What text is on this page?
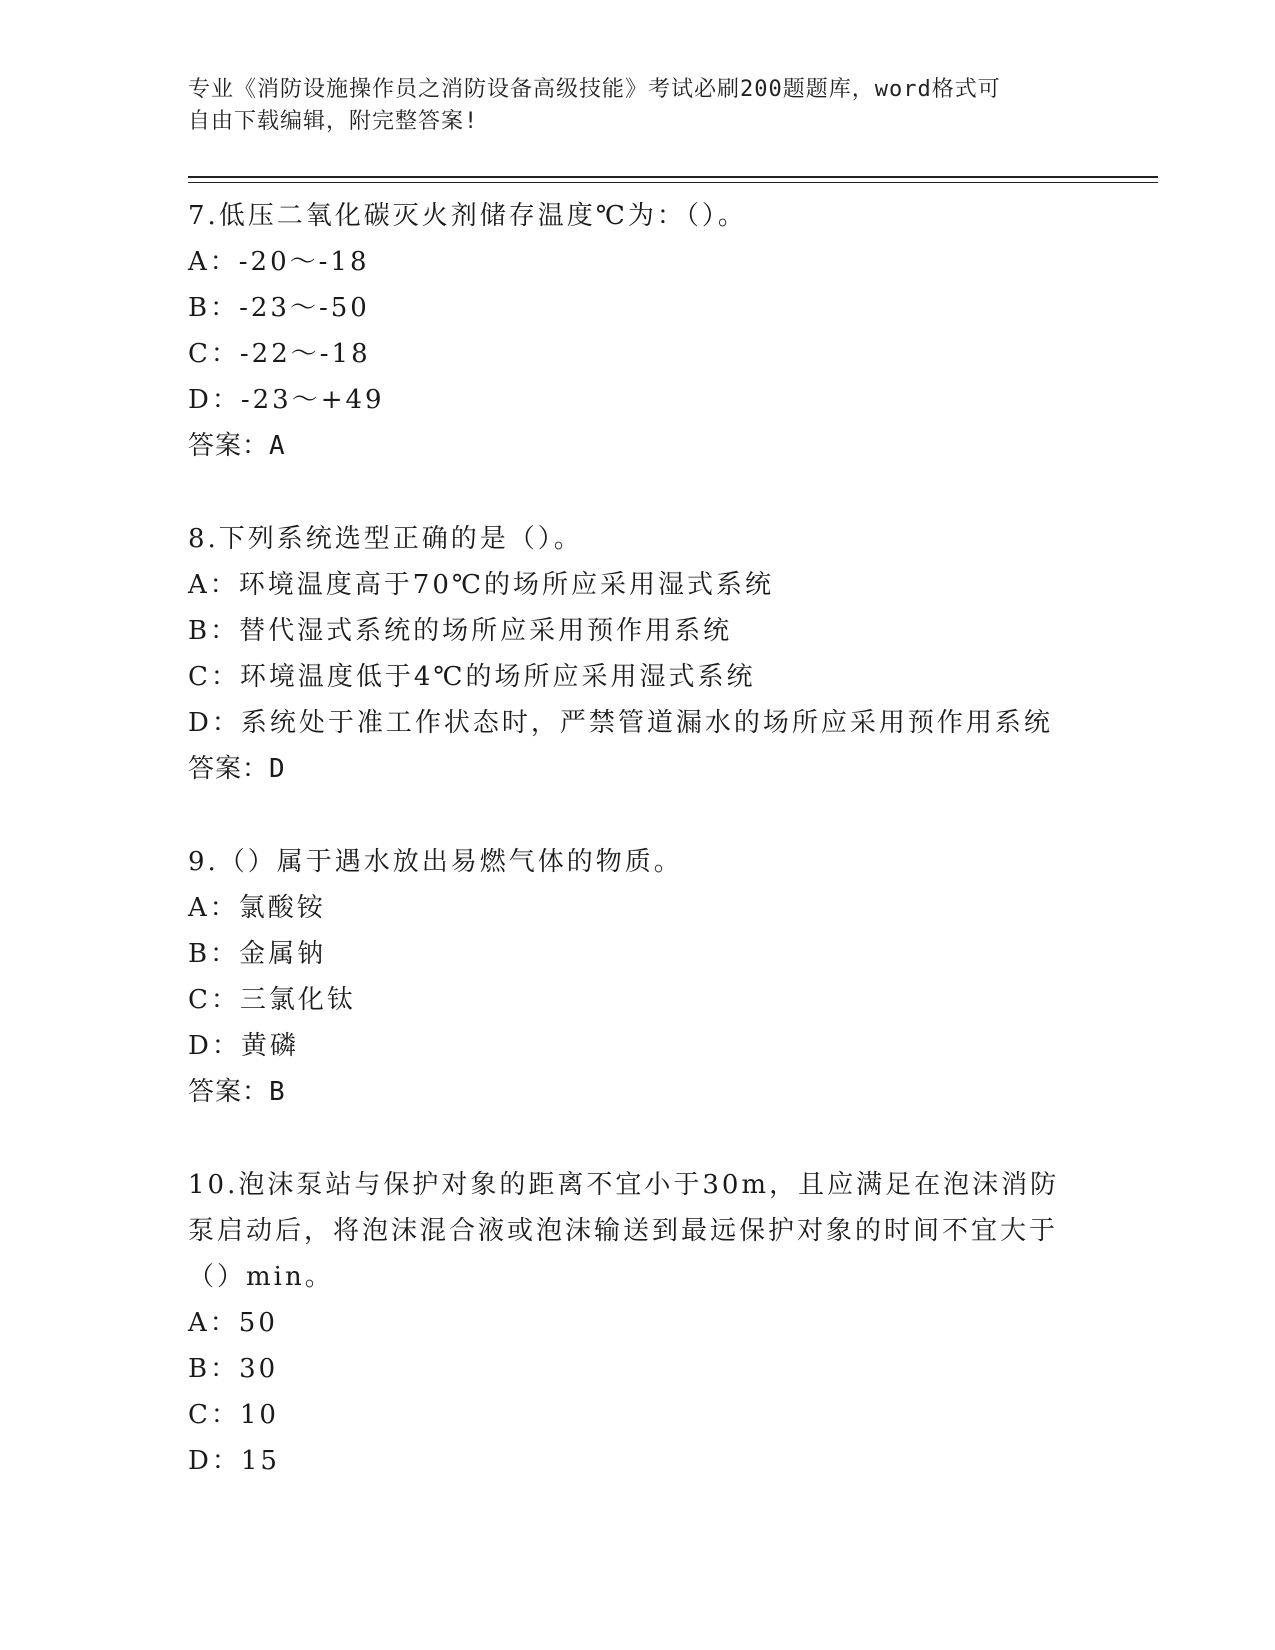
专业《消防设施操作员之消防设备高级技能》考试必刷200题题库，word格式可
自由下载编辑，附完整答案!
7.低压二氧化碳灭火剂储存温度℃为：（）。
A：-20～-18
B：-23～-50
C：-22～-18
D：-23～+49
答案：A
8.下列系统选型正确的是（）。
A：环境温度高于70℃的场所应采用湿式系统
B：替代湿式系统的场所应采用预作用系统
C：环境温度低于4℃的场所应采用湿式系统
D：系统处于准工作状态时，严禁管道漏水的场所应采用预作用系统
答案：D
9.（）属于遇水放出易燃气体的物质。
A：氯酸铵
B：金属钠
C：三氯化钛
D：黄磷
答案：B
10.泡沫泵站与保护对象的距离不宜小于30m，且应满足在泡沫消防泵启动后，将泡沫混合液或泡沫输送到最远保护对象的时间不宜大于（）min。
A：50
B：30
C：10
D：15
